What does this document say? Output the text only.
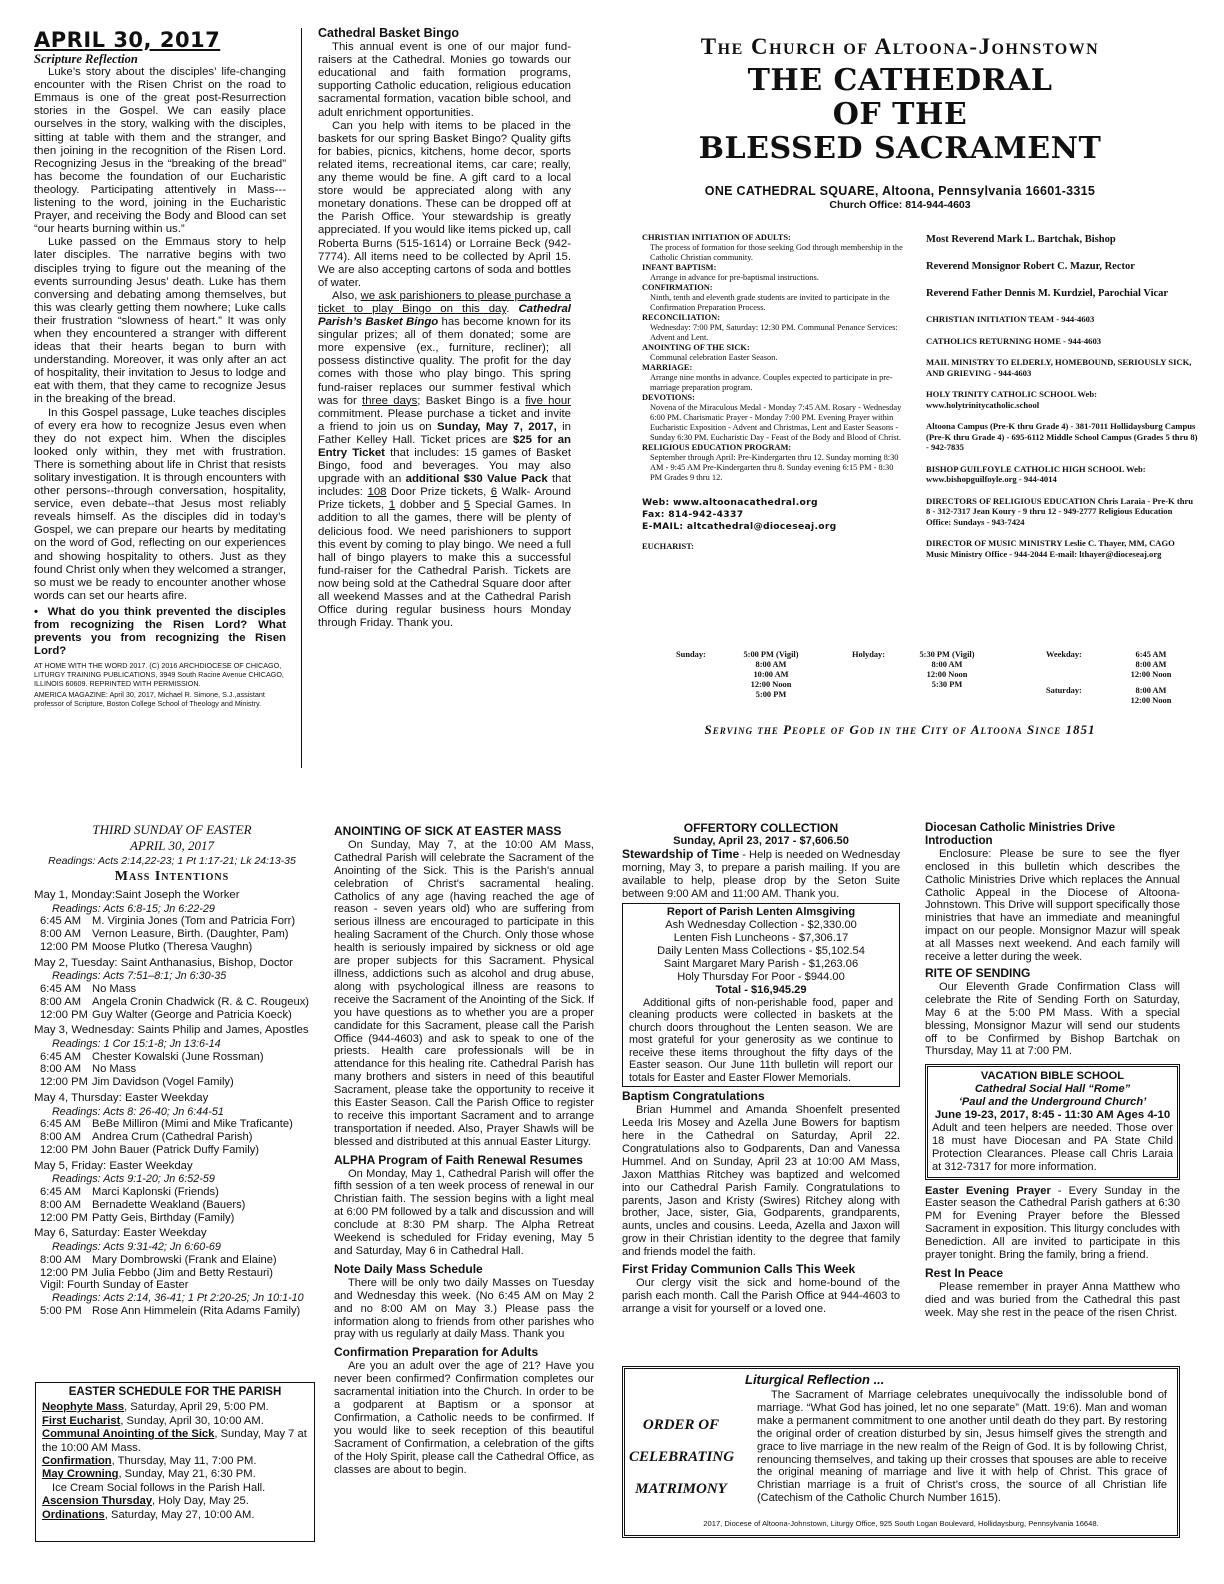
APRIL 30, 2017
Scripture Reflection

Luke’s story about the disciples’ life-changing encounter with the Risen Christ on the road to Emmaus is one of the great post-Resurrection stories in the Gospel. We can easily place ourselves in the story, walking with the disciples, sitting at table with them and the stranger, and then joining in the recognition of the Risen Lord. Recognizing Jesus in the “breaking of the bread” has become the foundation of our Eucharistic theology. Participating attentively in Mass---listening to the word, joining in the Eucharistic Prayer, and receiving the Body and Blood can set “our hearts burning within us.”

Luke passed on the Emmaus story to help later disciples. The narrative begins with two disciples trying to figure out the meaning of the events surrounding Jesus’ death. Luke has them conversing and debating among themselves, but this was clearly getting them nowhere; Luke calls their frustration “slowness of heart.” It was only when they encountered a stranger with different ideas that their hearts began to burn with understanding. Moreover, it was only after an act of hospitality, their invitation to Jesus to lodge and eat with them, that they came to recognize Jesus in the breaking of the bread.

In this Gospel passage, Luke teaches disciples of every era how to recognize Jesus even when they do not expect him. When the disciples looked only within, they met with frustration. There is something about life in Christ that resists solitary investigation. It is through encounters with other persons--through conversation, hospitality, service, even debate--that Jesus most reliably reveals himself. As the disciples did in today’s Gospel, we can prepare our hearts by meditating on the word of God, reflecting on our experiences and showing hospitality to others. Just as they found Christ only when they welcomed a stranger, so must we be ready to encounter another whose words can set our hearts afire.

•  What do you think prevented the disciples from recognizing the Risen Lord? What prevents you from recognizing the Risen Lord?

AT HOME WITH THE WORD 2017. (C) 2016 ARCHDIOCESE OF CHICAGO, LITURGY TRAINING PUBLICATIONS, 3949 South Racine Avenue CHICAGO, ILLINOIS 60609. REPRINTED WITH PERMISSION.
AMERICA MAGAZINE: April 30, 2017, Michael R. Simone, S.J.,assistant professor of Scripture, Boston College School of Theology and Ministry.
Cathedral Basket Bingo

This annual event is one of our major fund-raisers at the Cathedral. Monies go towards our educational and faith formation programs, supporting Catholic education, religious education sacramental formation, vacation bible school, and adult enrichment opportunities.

Can you help with items to be placed in the baskets for our spring Basket Bingo? Quality gifts for babies, picnics, kitchens, home decor, sports related items, recreational items, car care; really, any theme would be fine. A gift card to a local store would be appreciated along with any monetary donations. These can be dropped off at the Parish Office. Your stewardship is greatly appreciated. If you would like items picked up, call Roberta Burns (515-1614) or Lorraine Beck (942-7774). All items need to be collected by April 15. We are also accepting cartons of soda and bottles of water.

Also, we ask parishioners to please purchase a ticket to play Bingo on this day. Cathedral Parish’s Basket Bingo has become known for its singular prizes; all of them donated; some are more expensive (ex., furniture, recliner); all possess distinctive quality. The profit for the day comes with those who play bingo. This spring fund-raiser replaces our summer festival which was for three days; Basket Bingo is a five hour commitment. Please purchase a ticket and invite a friend to join us on Sunday, May 7, 2017, in Father Kelley Hall. Ticket prices are $25 for an Entry Ticket that includes: 15 games of Basket Bingo, food and beverages. You may also upgrade with an additional $30 Value Pack that includes: 108 Door Prize tickets, 6 Walk- Around Prize tickets, 1 dobber and 5 Special Games. In addition to all the games, there will be plenty of delicious food. We need parishioners to support this event by coming to play bingo. We need a full hall of bingo players to make this a successful fund-raiser for the Cathedral Parish. Tickets are now being sold at the Cathedral Square door after all weekend Masses and at the Cathedral Parish Office during regular business hours Monday through Friday. Thank you.

The Church of Altoona-Johnstown
THE CATHEDRAL
OF THE
BLESSED SACRAMENT
ONE CATHEDRAL SQUARE, Altoona, Pennsylvania 16601-3315
Church Office: 814-944-4603
CHRISTIAN INITIATION OF ADULTS:
The process of formation for those seeking God through membership in the Catholic Christian community.
INFANT BAPTISM:
Arrange in advance for pre-baptismal instructions.
CONFIRMATION:
Ninth, tenth and eleventh grade students are invited to participate in the Confirmation Preparation Process.
RECONCILIATION:
Wednesday: 7:00 PM, Saturday: 12:30 PM. Communal Penance Services: Advent and Lent.
ANOINTING OF THE SICK:
Communal celebration Easter Season.
MARRIAGE:
Arrange nine months in advance. Couples expected to participate in pre-marriage preparation program.
DEVOTIONS:
Novena of the Miraculous Medal - Monday 7:45 AM. Rosary - Wednesday 6:00 PM. Charismatic Prayer - Monday 7:00 PM. Evening Prayer within Eucharistic Exposition - Advent and Christmas, Lent and Easter Seasons - Sunday 6:30 PM. Eucharistic Day - Feast of the Body and Blood of Christ.
RELIGIOUS EDUCATION PROGRAM:
September through April: Pre-Kindergarten thru 12. Sunday morning 8:30 AM - 9:45 AM Pre-Kindergarten thru 8. Sunday evening 6:15 PM - 8:30 PM Grades 9 thru 12.
Web: www.altoonacathedral.org
Fax: 814-942-4337
E-MAIL: altcathedral@dioceseaj.org
EUCHARIST:
Most Reverend Mark L. Bartchak, Bishop
Reverend Monsignor Robert C. Mazur, Rector
Reverend Father Dennis M. Kurdziel, Parochial Vicar
CHRISTIAN INITIATION TEAM - 944-4603
CATHOLICS RETURNING HOME - 944-4603
MAIL MINISTRY TO ELDERLY, HOMEBOUND, SERIOUSLY SICK, AND GRIEVING - 944-4603
HOLY TRINITY CATHOLIC SCHOOL Web: www.holytrinitycatholic.school
Altoona Campus (Pre-K thru Grade 4) - 381-7011 Hollidaysburg Campus (Pre-K thru Grade 4) - 695-6112 Middle School Campus (Grades 5 thru 8) - 942-7835
BISHOP GUILFOYLE CATHOLIC HIGH SCHOOL Web: www.bishopguilfoyle.org - 944-4014
DIRECTORS OF RELIGIOUS EDUCATION Chris Laraia - Pre-K thru 8 - 312-7317 Jean Koury - 9 thru 12 - 949-2777 Religious Education Office: Sundays - 943-7424
DIRECTOR OF MUSIC MINISTRY Leslie C. Thayer, MM, CAGO Music Ministry Office - 944-2044 E-mail: lthayer@dioceseaj.org
Sunday:	5:00 PM (Vigil)
8:00 AM
10:00 AM
12:00 Noon
5:00 PM
Holyday:	5:30 PM (Vigil)
8:00 AM
12:00 Noon
5:30 PM
Weekday:	6:45 AM
8:00 AM
12:00 Noon
Saturday:	8:00 AM
12:00 Noon
Serving the People of God in the City of Altoona Since 1851
THIRD SUNDAY OF EASTER
APRIL 30, 2017
Readings: Acts 2:14,22-23; 1 Pt 1:17-21; Lk 24:13-35
Mass Intentions
May 1, Monday:Saint Joseph the Worker
Readings: Acts 6:8-15; Jn 6:22-29
6:45 AM	M. Virginia Jones (Tom and Patricia Forr)
8:00 AM	Vernon Leasure, Birth. (Daughter, Pam)
12:00 PM	Moose Plutko (Theresa Vaughn)
May 2, Tuesday: Saint Anthanasius, Bishop, Doctor
Readings: Acts 7:51–8:1; Jn 6:30-35
6:45 AM	No Mass
8:00 AM	Angela Cronin Chadwick (R. & C. Rougeux)
12:00 PM	Guy Walter (George and Patricia Koeck)
May 3, Wednesday: Saints Philip and James, Apostles
Readings: 1 Cor 15:1-8; Jn 13:6-14
6:45 AM	Chester Kowalski (June Rossman)
8:00 AM	No Mass
12:00 PM	Jim Davidson (Vogel Family)
May 4, Thursday: Easter Weekday
Readings: Acts 8: 26-40; Jn 6:44-51
6:45 AM	BeBe Milliron (Mimi and Mike Traficante)
8:00 AM	Andrea Crum (Cathedral Parish)
12:00 PM	John Bauer (Patrick Duffy Family)
May 5, Friday: Easter Weekday
Readings: Acts 9:1-20; Jn 6:52-59
6:45 AM	Marci Kaplonski (Friends)
8:00 AM	Bernadette Weakland (Bauers)
12:00 PM	Patty Geis, Birthday (Family)
May 6, Saturday: Easter Weekday
Readings: Acts 9:31-42; Jn 6:60-69
8:00 AM	Mary Dombrowski (Frank and Elaine)
12:00 PM	Julia Febbo (Jim and Betty Restauri)
Vigil: Fourth Sunday of Easter
Readings: Acts 2:14, 36-41; 1 Pt 2:20-25; Jn 10:1-10
5:00 PM	Rose Ann Himmelein (Rita Adams Family)
EASTER SCHEDULE FOR THE PARISH
Neophyte Mass, Saturday, April 29, 5:00 PM.
First Eucharist, Sunday, April 30, 10:00 AM.
Communal Anointing of the Sick, Sunday, May 7 at the 10:00 AM Mass.
Confirmation, Thursday, May 11, 7:00 PM.
May Crowning, Sunday, May 21, 6:30 PM.
Ice Cream Social follows in the Parish Hall.
Ascension Thursday, Holy Day, May 25.
Ordinations, Saturday, May 27, 10:00 AM.
ANOINTING OF SICK AT EASTER MASS

On Sunday, May 7, at the 10:00 AM Mass, Cathedral Parish will celebrate the Sacrament of the Anointing of the Sick. This is the Parish's annual celebration of Christ's sacramental healing. Catholics of any age (having reached the age of reason - seven years old) who are suffering from serious illness are encouraged to participate in this healing Sacrament of the Church. Only those whose health is seriously impaired by sickness or old age are proper subjects for this Sacrament. Physical illness, addictions such as alcohol and drug abuse, along with psychological illness are reasons to receive the Sacrament of the Anointing of the Sick. If you have questions as to whether you are a proper candidate for this Sacrament, please call the Parish Office (944-4603) and ask to speak to one of the priests. Health care professionals will be in attendance for this healing rite. Cathedral Parish has many brothers and sisters in need of this beautiful Sacrament, please take the opportunity to receive it this Easter Season. Call the Parish Office to register to receive this important Sacrament and to arrange transportation if needed. Also, Prayer Shawls will be blessed and distributed at this annual Easter Liturgy.

ALPHA Program of Faith Renewal Resumes

On Monday, May 1, Cathedral Parish will offer the fifth session of a ten week process of renewal in our Christian faith. The session begins with a light meal at 6:00 PM followed by a talk and discussion and will conclude at 8:30 PM sharp. The Alpha Retreat Weekend is scheduled for Friday evening, May 5 and Saturday, May 6 in Cathedral Hall.

Note Daily Mass Schedule

There will be only two daily Masses on Tuesday and Wednesday this week. (No 6:45 AM on May 2 and no 8:00 AM on May 3.) Please pass the information along to friends from other parishes who pray with us regularly at daily Mass. Thank you

Confirmation Preparation for Adults

Are you an adult over the age of 21? Have you never been confirmed? Confirmation completes our sacramental initiation into the Church. In order to be a godparent at Baptism or a sponsor at Confirmation, a Catholic needs to be confirmed. If you would like to seek reception of this beautiful Sacrament of Confirmation, a celebration of the gifts of the Holy Spirit, please call the Cathedral Office, as classes are about to begin.

OFFERTORY COLLECTION
Sunday, April 23, 2017 - $7,606.50

Stewardship of Time - Help is needed on Wednesday morning, May 3, to prepare a parish mailing. If you are available to help, please drop by the Seton Suite between 9:00 AM and 11:00 AM. Thank you.

Report of Parish Lenten Almsgiving
Ash Wednesday Collection - $2,330.00
Lenten Fish Luncheons - $7,306.17
Daily Lenten Mass Collections - $5,102.54
Saint Margaret Mary Parish - $1,263.06
Holy Thursday For Poor - $944.00
Total - $16,945.29

Additional gifts of non-perishable food, paper and cleaning products were collected in baskets at the church doors throughout the Lenten season. We are most grateful for your generosity as we continue to receive these items throughout the fifty days of the Easter season. Our June 11th bulletin will report our totals for Easter and Easter Flower Memorials.

Baptism Congratulations

Brian Hummel and Amanda Shoenfelt presented Leeda Iris Mosey and Azella June Bowers for baptism here in the Cathedral on Saturday, April 22. Congratulations also to Godparents, Dan and Vanessa Hummel. And on Sunday, April 23 at 10:00 AM Mass, Jaxon Matthias Ritchey was baptized and welcomed into our Cathedral Parish Family. Congratulations to parents, Jason and Kristy (Swires) Ritchey along with brother, Jace, sister, Gia, Godparents, grandparents, aunts, uncles and cousins. Leeda, Azella and Jaxon will grow in their Christian identity to the degree that family and friends model the faith.

First Friday Communion Calls This Week

Our clergy visit the sick and home-bound of the parish each month. Call the Parish Office at 944-4603 to arrange a visit for yourself or a loved one.

Diocesan Catholic Ministries Drive Introduction

Enclosure: Please be sure to see the flyer enclosed in this bulletin which describes the Catholic Ministries Drive which replaces the Annual Catholic Appeal in the Diocese of Altoona-Johnstown. This Drive will support specifically those ministries that have an immediate and meaningful impact on our people. Monsignor Mazur will speak at all Masses next weekend. And each family will receive a letter during the week.

RITE OF SENDING

Our Eleventh Grade Confirmation Class will celebrate the Rite of Sending Forth on Saturday, May 6 at the 5:00 PM Mass. With a special blessing, Monsignor Mazur will send our students off to be Confirmed by Bishop Bartchak on Thursday, May 11 at 7:00 PM.

VACATION BIBLE SCHOOL
Cathedral Social Hall “Rome”
‘Paul and the Underground Church’
June 19-23, 2017, 8:45 - 11:30 AM Ages 4-10

Adult and teen helpers are needed. Those over 18 must have Diocesan and PA State Child Protection Clearances. Please call Chris Laraia at 312-7317 for more information.

Easter Evening Prayer - Every Sunday in the Easter season the Cathedral Parish gathers at 6:30 PM for Evening Prayer before the Blessed Sacrament in exposition. This liturgy concludes with Benediction. All are invited to participate in this prayer tonight. Bring the family, bring a friend.

Rest In Peace

Please remember in prayer Anna Matthew who died and was buried from the Cathedral this past week. May she rest in the peace of the risen Christ.

Liturgical Reflection ...
ORDER OF
CELEBRATING
MATRIMONY

The Sacrament of Marriage celebrates unequivocally the indissoluble bond of marriage. “What God has joined, let no one separate” (Matt. 19:6). Man and woman make a permanent commitment to one another until death do they part. By restoring the original order of creation disturbed by sin, Jesus himself gives the strength and grace to live marriage in the new realm of the Reign of God. It is by following Christ, renouncing themselves, and taking up their crosses that spouses are able to receive the original meaning of marriage and live it with help of Christ. This grace of Christian marriage is a fruit of Christ’s cross, the source of all Christian life (Catechism of the Catholic Church Number 1615).

2017, Diocese of Altoona-Johnstown, Liturgy Office, 925 South Logan Boulevard, Hollidaysburg, Pennsylvania 16648.
